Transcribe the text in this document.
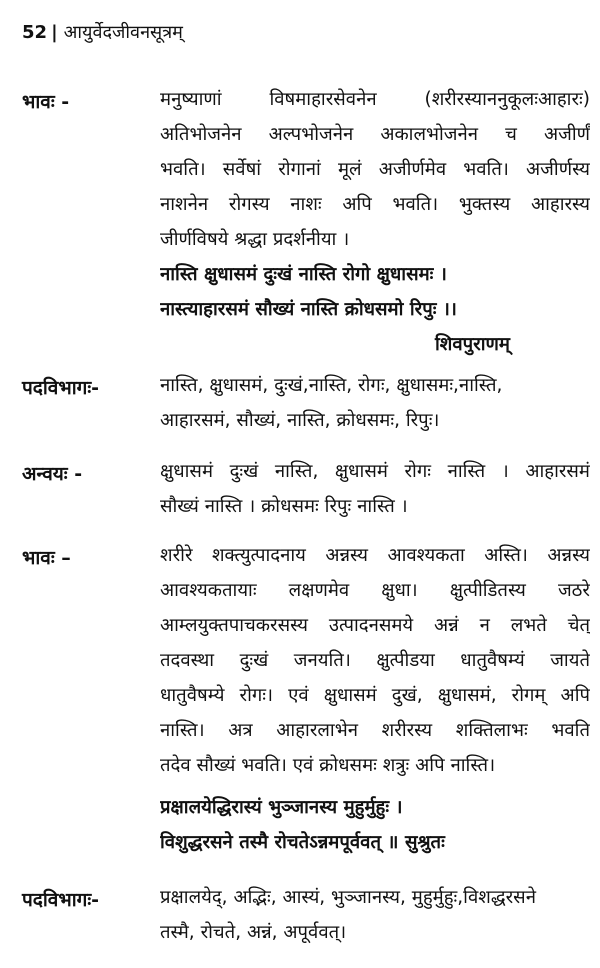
52 | आयुर्वेदजीवनसूत्रम्
भावः -	मनुष्याणां विषमाहारसेवनेन (शरीरस्याननुकूलःआहारः)
अतिभोजनेन अल्पभोजनेन अकालभोजनेन च अजीर्णं
भवति। सर्वेषां रोगानां मूलं अजीर्णमेव भवति। अजीर्णस्य
नाशनेन रोगस्य नाशः अपि भवति। भुक्तस्य आहारस्य
जीर्णविषये श्रद्धा प्रदर्शनीया ।
नास्ति क्षुधासमं दुःखं नास्ति रोगो क्षुधासमः ।
नास्त्याहारसमं सौख्यं नास्ति क्रोधसमो रिपुः ।।
शिवपुराणम्
पदविभागः-	नास्ति, क्षुधासमं, दुःखं,नास्ति, रोगः, क्षुधासमः,नास्ति,
आहारसमं, सौख्यं, नास्ति, क्रोधसमः, रिपुः।
अन्वयः -	क्षुधासमं दुःखं नास्ति, क्षुधासमं रोगः नास्ति । आहारसमं
सौख्यं नास्ति । क्रोधसमः रिपुः नास्ति ।
भावः –	शरीरे शक्त्युत्पादनाय अन्नस्य आवश्यकता अस्ति। अन्नस्य
आवश्यकतायाः लक्षणमेव क्षुधा। क्षुत्पीडितस्य जठरे
आम्लयुक्तपाचकरसस्य उत्पादनसमये अन्नं न लभते चेत्
तदवस्था दुःखं जनयति। क्षुत्पीडया धातुवैषम्यं जायते
धातुवैषम्ये रोगः। एवं क्षुधासमं दुखं, क्षुधासमं, रोगम् अपि
नास्ति। अत्र आहारलाभेन शरीरस्य शक्तिलाभः भवति
तदेव सौख्यं भवति। एवं क्रोधसमः शत्रुः अपि नास्ति।
प्रक्षालयेद्धिरास्यं भुञ्जानस्य मुहुर्मुहुः ।
विशुद्धरसने तस्मै रोचतेऽन्नमपूर्ववत् ॥ सुश्रुतः
पदविभागः-	प्रक्षालयेद्, अद्भिः, आस्यं, भुञ्जानस्य, मुहुर्मुहुः,विशद्धरसने
तस्मै, रोचते, अन्नं, अपूर्ववत्।
